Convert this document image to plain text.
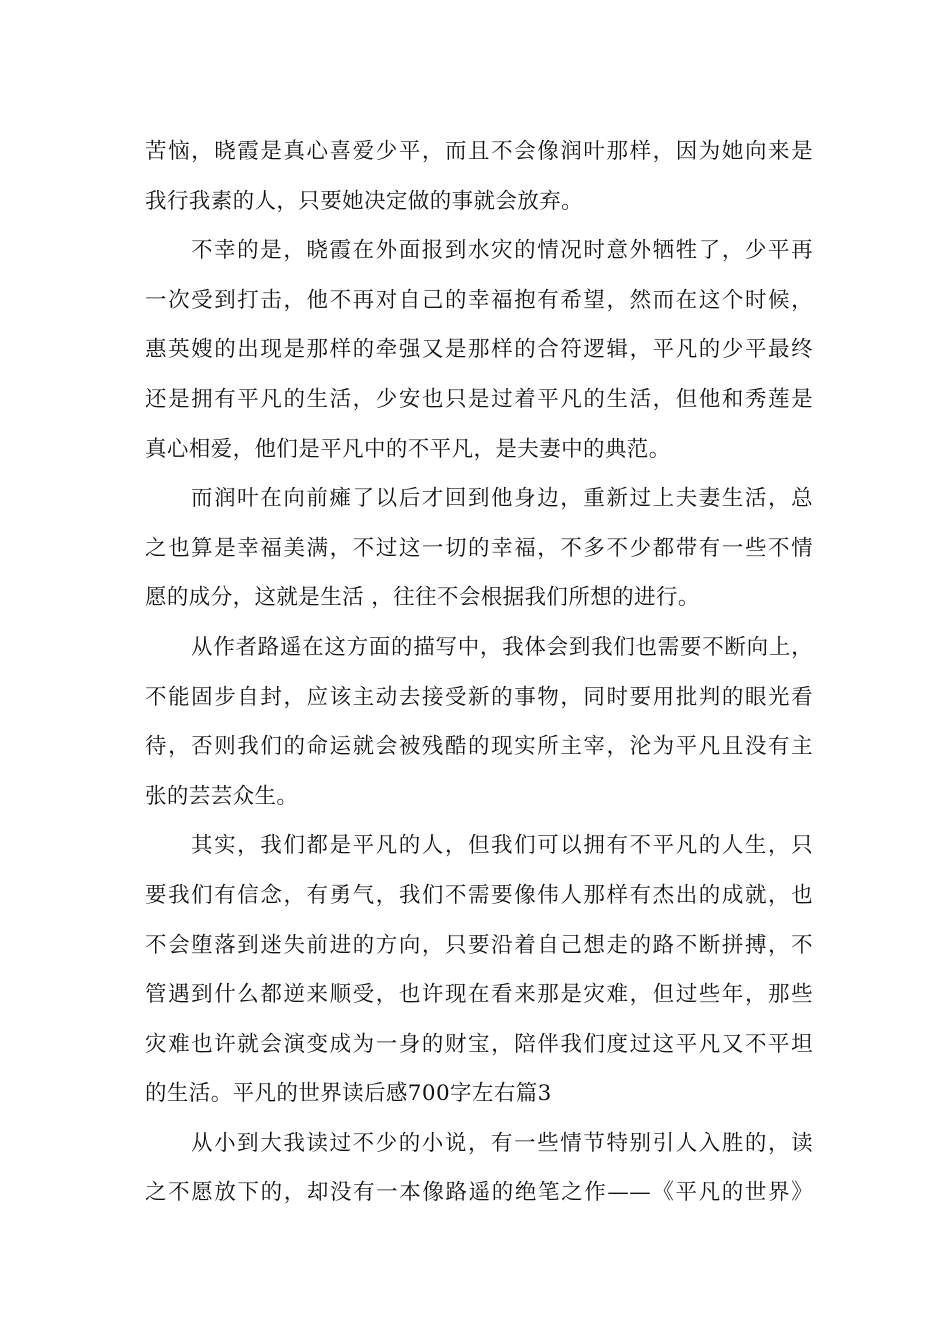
苦恼，晓霞是真心喜爱少平，而且不会像润叶那样，因为她向来是
我行我素的人，只要她决定做的事就会放弃。
不幸的是，晓霞在外面报到水灾的情况时意外牺牲了，少平再
一次受到打击，他不再对自己的幸福抱有希望，然而在这个时候，
惠英嫂的出现是那样的牵强又是那样的合符逻辑，平凡的少平最终
还是拥有平凡的生活，少安也只是过着平凡的生活，但他和秀莲是
真心相爱，他们是平凡中的不平凡，是夫妻中的典范。
而润叶在向前瘫了以后才回到他身边，重新过上夫妻生活，总
之也算是幸福美满，不过这一切的幸福，不多不少都带有一些不情
愿的成分，这就是生活 ，往往不会根据我们所想的进行。
从作者路遥在这方面的描写中，我体会到我们也需要不断向上，
不能固步自封，应该主动去接受新的事物，同时要用批判的眼光看
待，否则我们的命运就会被残酷的现实所主宰，沦为平凡且没有主
张的芸芸众生。
其实，我们都是平凡的人，但我们可以拥有不平凡的人生，只
要我们有信念，有勇气，我们不需要像伟人那样有杰出的成就，也
不会堕落到迷失前进的方向，只要沿着自己想走的路不断拼搏，不
管遇到什么都逆来顺受，也许现在看来那是灾难，但过些年，那些
灾难也许就会演变成为一身的财宝，陪伴我们度过这平凡又不平坦
的生活。平凡的世界读后感700字左右篇3
从小到大我读过不少的小说，有一些情节特别引人入胜的，读
之不愿放下的，却没有一本像路遥的绝笔之作——《平凡的世界》
